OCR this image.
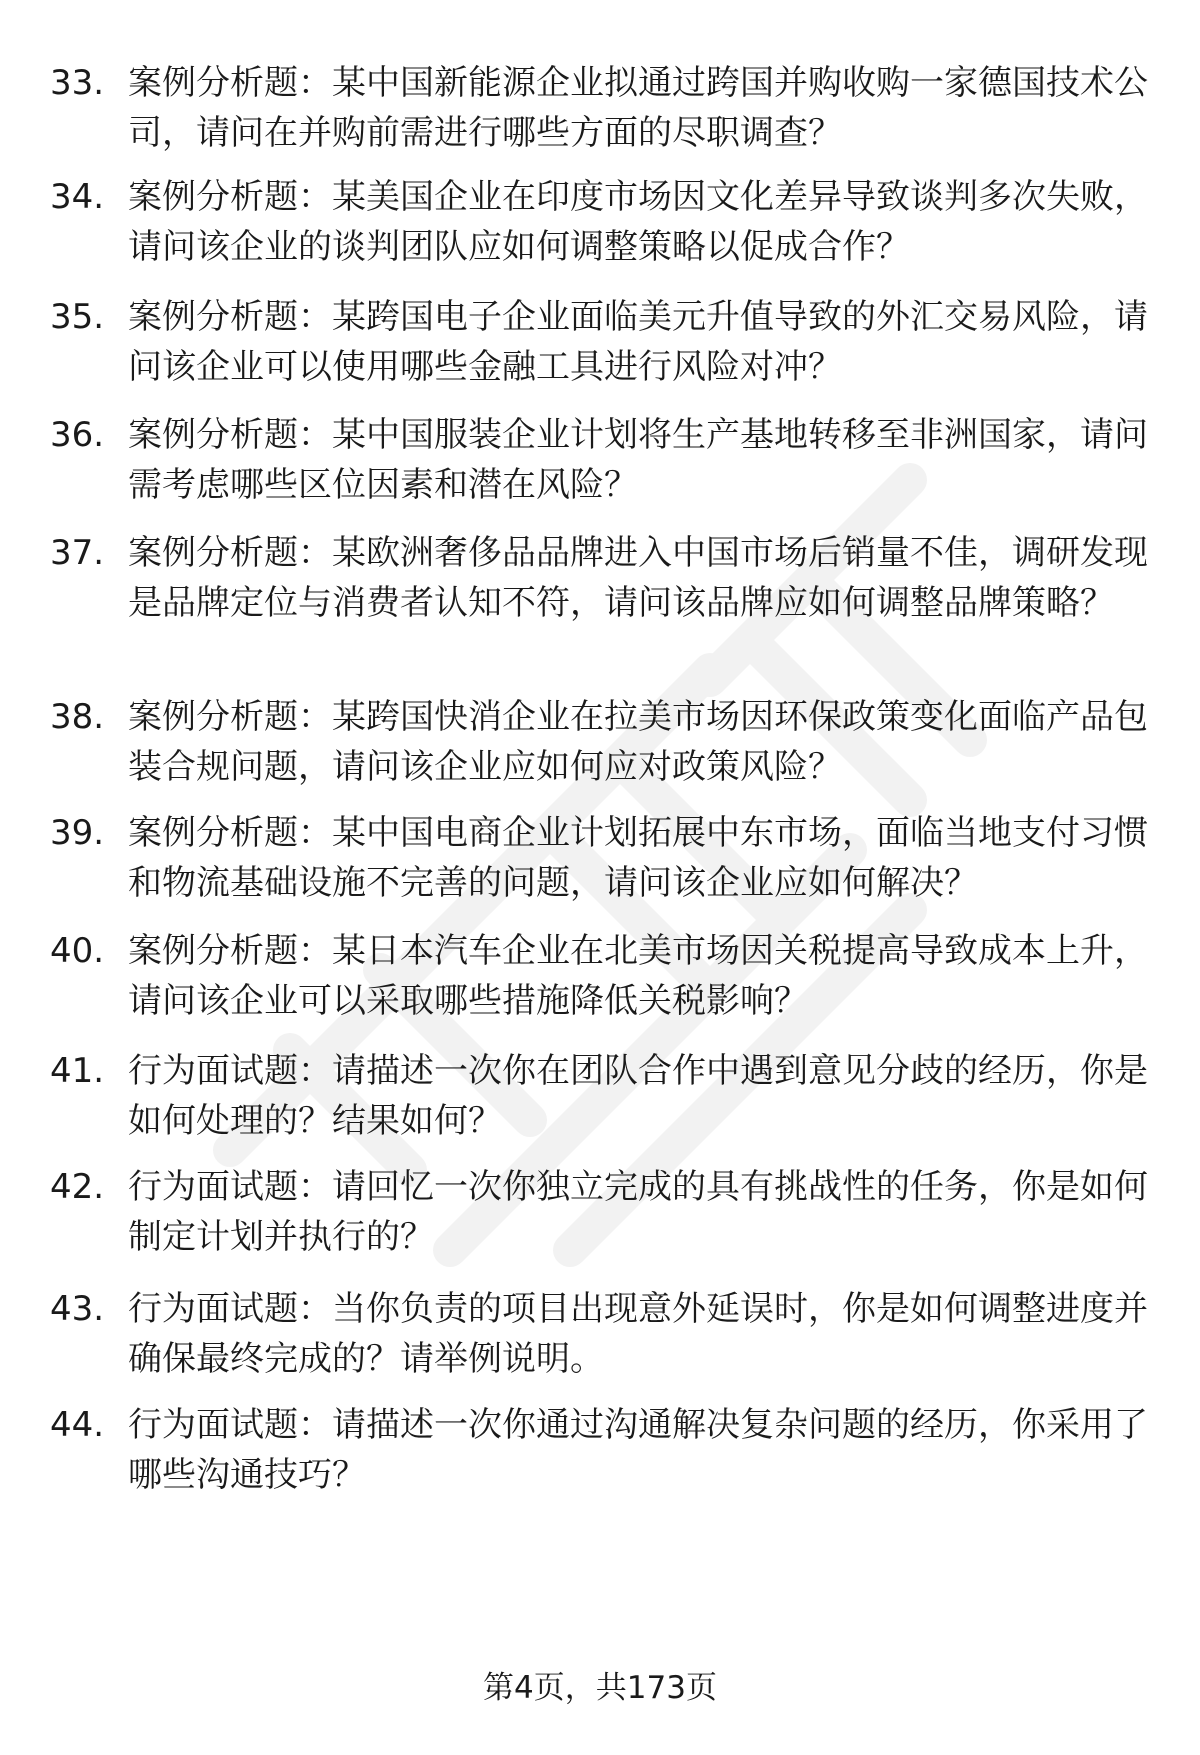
33. 案例分析题：某中国新能源企业拟通过跨国并购收购一家德国技术公司，请问在并购前需进行哪些方面的尽职调查？
34. 案例分析题：某美国企业在印度市场因文化差异导致谈判多次失败，请问该企业的谈判团队应如何调整策略以促成合作？
35. 案例分析题：某跨国电子企业面临美元升值导致的外汇交易风险，请问该企业可以使用哪些金融工具进行风险对冲？
36. 案例分析题：某中国服装企业计划将生产基地转移至非洲国家，请问需考虑哪些区位因素和潜在风险？
37. 案例分析题：某欧洲奢侈品品牌进入中国市场后销量不佳，调研发现是品牌定位与消费者认知不符，请问该品牌应如何调整品牌策略？
38. 案例分析题：某跨国快消企业在拉美市场因环保政策变化面临产品包装合规问题，请问该企业应如何应对政策风险？
39. 案例分析题：某中国电商企业计划拓展中东市场，面临当地支付习惯和物流基础设施不完善的问题，请问该企业应如何解决？
40. 案例分析题：某日本汽车企业在北美市场因关税提高导致成本上升，请问该企业可以采取哪些措施降低关税影响？
41. 行为面试题：请描述一次你在团队合作中遇到意见分歧的经历，你是如何处理的？结果如何？
42. 行为面试题：请回忆一次你独立完成的具有挑战性的任务，你是如何制定计划并执行的？
43. 行为面试题：当你负责的项目出现意外延误时，你是如何调整进度并确保最终完成的？请举例说明。
44. 行为面试题：请描述一次你通过沟通解决复杂问题的经历，你采用了哪些沟通技巧？
第4页，共173页
